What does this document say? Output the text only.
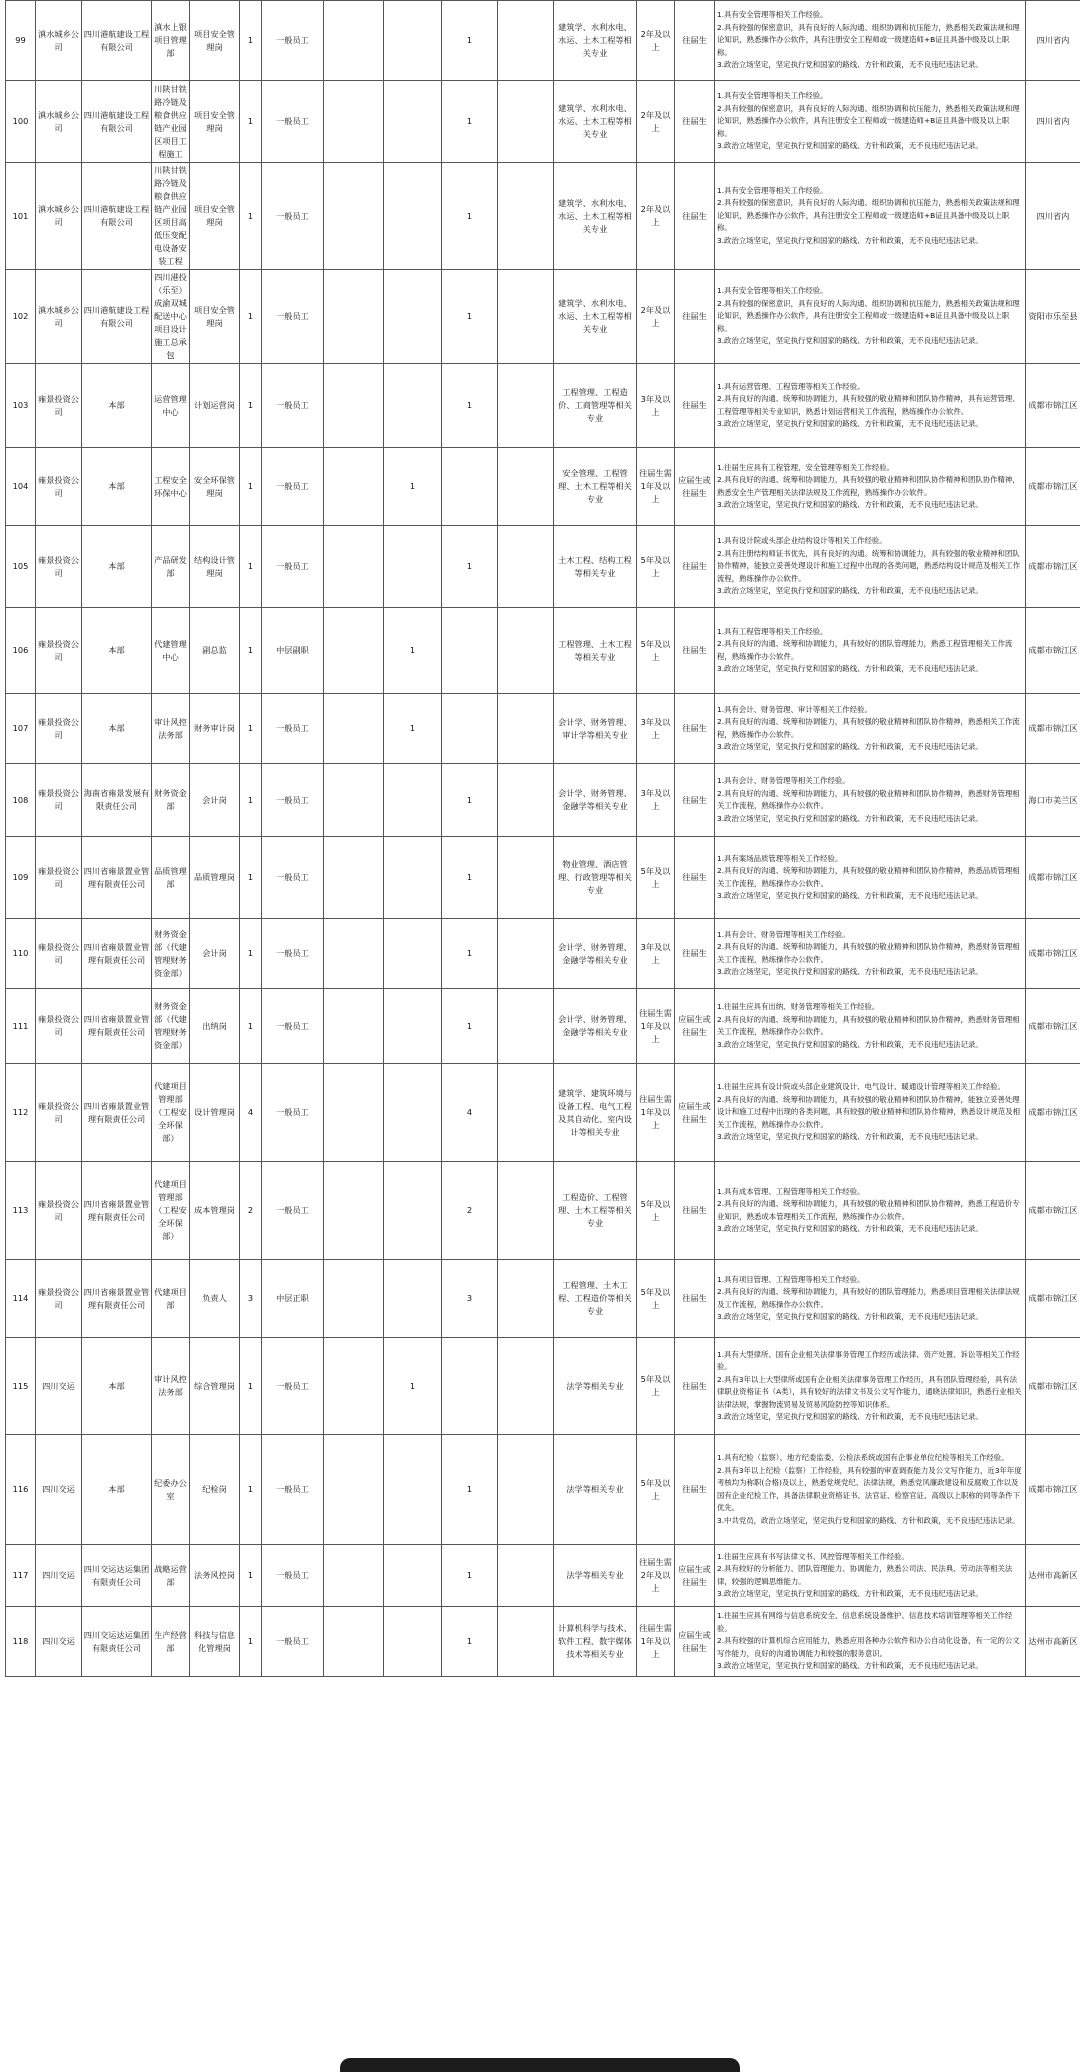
99	滇水城乡公司	四川港航建设工程有限公司	滇水上银项目管理部	项目安全管理岗	1	一般员工			1		建筑学、水利水电、水运、土木工程等相关专业	2年及以上	往届生	1.具有安全管理等相关工作经验。
2.具有较强的保密意识，具有良好的人际沟通、组织协调和抗压能力，熟悉相关政策法规和理论知识，熟悉操作办公软件，具有注册安全工程师或一级建造师+B证且具备中级及以上职称。
3.政治立场坚定，坚定执行党和国家的路线、方针和政策，无不良违纪违法记录。	四川省内	
100	滇水城乡公司	四川港航建设工程有限公司	川陕甘铁路冷链及粮食供应链产业园区项目工程施工	项目安全管理岗	1	一般员工			1		建筑学、水利水电、水运、土木工程等相关专业	2年及以上	往届生	1.具有安全管理等相关工作经验。
2.具有较强的保密意识，具有良好的人际沟通、组织协调和抗压能力，熟悉相关政策法规和理论知识，熟悉操作办公软件，具有注册安全工程师或一级建造师+B证且具备中级及以上职称。
3.政治立场坚定，坚定执行党和国家的路线、方针和政策，无不良违纪违法记录。	四川省内	
101	滇水城乡公司	四川港航建设工程有限公司	川陕甘铁路冷链及粮食供应链产业园区项目高低压变配电设备安装工程	项目安全管理岗	1	一般员工			1		建筑学、水利水电、水运、土木工程等相关专业	2年及以上	往届生	1.具有安全管理等相关工作经验。
2.具有较强的保密意识，具有良好的人际沟通、组织协调和抗压能力，熟悉相关政策法规和理论知识，熟悉操作办公软件，具有注册安全工程师或一级建造师+B证且具备中级及以上职称。
3.政治立场坚定，坚定执行党和国家的路线、方针和政策，无不良违纪违法记录。	四川省内	
102	滇水城乡公司	四川港航建设工程有限公司	四川港投（乐至）成渝双城配送中心项目设计施工总承包	项目安全管理岗	1	一般员工			1		建筑学、水利水电、水运、土木工程等相关专业	2年及以上	往届生	1.具有安全管理等相关工作经验。
2.具有较强的保密意识，具有良好的人际沟通、组织协调和抗压能力，熟悉相关政策法规和理论知识，熟悉操作办公软件，具有注册安全工程师或一级建造师+B证且具备中级及以上职称。
3.政治立场坚定，坚定执行党和国家的路线、方针和政策，无不良违纪违法记录。	资阳市乐至县	
103	雍景投资公司	本部	运营管理中心	计划运营岗	1	一般员工			1		工程管理、工程造价、工商管理等相关专业	3年及以上	往届生	1.具有运营管理、工程管理等相关工作经验。
2.具有良好的沟通、统筹和协调能力，具有较强的敬业精神和团队协作精神，具有运营管理、工程管理等相关专业知识，熟悉计划运营相关工作流程，熟练操作办公软件。
3.政治立场坚定，坚定执行党和国家的路线、方针和政策，无不良违纪违法记录。	成都市锦江区	
104	雍景投资公司	本部	工程安全环保中心	安全环保管理岗	1	一般员工		1			安全管理、工程管理、土木工程等相关专业	往届生需1年及以上	应届生或往届生	1.往届生应具有工程管理、安全管理等相关工作经验。
2.具有良好的沟通、统筹和协调能力，具有较强的敬业精神和团队协作精神和团队协作精神，熟悉安全生产管理相关法律法规及工作流程，熟练操作办公软件。
3.政治立场坚定，坚定执行党和国家的路线、方针和政策，无不良违纪违法记录。	成都市锦江区	
105	雍景投资公司	本部	产品研发部	结构设计管理岗	1	一般员工			1		土木工程、结构工程等相关专业	5年及以上	往届生	1.具有设计院或头部企业结构设计等相关工作经验。
2.具有注册结构师证书优先，具有良好的沟通、统筹和协调能力，具有较强的敬业精神和团队协作精神，能独立妥善处理设计和施工过程中出现的各类问题，熟悉结构设计规范及相关工作流程，熟练操作办公软件。
3.政治立场坚定，坚定执行党和国家的路线、方针和政策，无不良违纪违法记录。	成都市锦江区	
106	雍景投资公司	本部	代建管理中心	副总监	1	中层副职		1			工程管理、土木工程等相关专业	5年及以上	往届生	1.具有工程管理等相关工作经验。
2.具有良好的沟通、统筹和协调能力，具有较好的团队管理能力，熟悉工程管理相关工作流程，熟练操作办公软件。
3.政治立场坚定，坚定执行党和国家的路线、方针和政策，无不良违纪违法记录。	成都市锦江区	
107	雍景投资公司	本部	审计风控法务部	财务审计岗	1	一般员工		1			会计学、财务管理、审计学等相关专业	3年及以上	往届生	1.具有会计、财务管理、审计等相关工作经验。
2.具有良好的沟通、统筹和协调能力，具有较强的敬业精神和团队协作精神，熟悉相关工作流程，熟练操作办公软件。
3.政治立场坚定，坚定执行党和国家的路线、方针和政策，无不良违纪违法记录。	成都市锦江区	
108	雍景投资公司	海南省雍景发展有限责任公司	财务资金部	会计岗	1	一般员工			1		会计学、财务管理、金融学等相关专业	3年及以上	往届生	1.具有会计、财务管理等相关工作经验。
2.具有良好的沟通、统筹和协调能力，具有较强的敬业精神和团队协作精神，熟悉财务管理相关工作流程，熟练操作办公软件。
3.政治立场坚定，坚定执行党和国家的路线、方针和政策，无不良违纪违法记录。	海口市美兰区	
109	雍景投资公司	四川省雍景置业管理有限责任公司	品质管理部	品质管理岗	1	一般员工			1		物业管理、酒店管理、行政管理等相关专业	5年及以上	往届生	1.具有案场品质管理等相关工作经验。
2.具有良好的沟通、统筹和协调能力，具有较强的敬业精神和团队协作精神，熟悉品质管理相关工作流程，熟练操作办公软件。
3.政治立场坚定，坚定执行党和国家的路线、方针和政策，无不良违纪违法记录。	成都市锦江区	
110	雍景投资公司	四川省雍景置业管理有限责任公司	财务资金部（代建管理财务资金部）	会计岗	1	一般员工			1		会计学、财务管理、金融学等相关专业	3年及以上	往届生	1.具有会计、财务管理等相关工作经验。
2.具有良好的沟通、统筹和协调能力，具有较强的敬业精神和团队协作精神，熟悉财务管理相关工作流程，熟练操作办公软件。
3.政治立场坚定，坚定执行党和国家的路线、方针和政策，无不良违纪违法记录。	成都市锦江区	
111	雍景投资公司	四川省雍景置业管理有限责任公司	财务资金部（代建管理财务资金部）	出纳岗	1	一般员工			1		会计学、财务管理、金融学等相关专业	往届生需1年及以上	应届生或往届生	1.往届生应具有出纳、财务管理等相关工作经验。
2.具有良好的沟通、统筹和协调能力，具有较强的敬业精神和团队协作精神，熟悉财务管理相关工作流程，熟练操作办公软件。
3.政治立场坚定，坚定执行党和国家的路线、方针和政策，无不良违纪违法记录。	成都市锦江区	
112	雍景投资公司	四川省雍景置业管理有限责任公司	代建项目管理部（工程安全环保部）	设计管理岗	4	一般员工			4		建筑学、建筑环境与设备工程、电气工程及其自动化、室内设计等相关专业	往届生需1年及以上	应届生或往届生	1.往届生应具有设计院或头部企业建筑设计、电气设计、暖通设计管理等相关工作经验。
2.具有良好的沟通、统筹和协调能力，具有较强的敬业精神和团队协作精神，能独立妥善处理设计和施工过程中出现的各类问题，具有较强的敬业精神和团队协作精神，熟悉设计规范及相关工作流程，熟练操作办公软件。
3.政治立场坚定，坚定执行党和国家的路线、方针和政策，无不良违纪违法记录。	成都市锦江区	
113	雍景投资公司	四川省雍景置业管理有限责任公司	代建项目管理部（工程安全环保部）	成本管理岗	2	一般员工			2		工程造价、工程管理、土木工程等相关专业	5年及以上	往届生	1.具有成本管理、工程管理等相关工作经验。
2.具有良好的沟通、统筹和协调能力，具有较强的敬业精神和团队协作精神，熟悉工程造价专业知识，熟悉成本管理相关工作流程，熟练操作办公软件。
3.政治立场坚定，坚定执行党和国家的路线、方针和政策，无不良违纪违法记录。	成都市锦江区	
114	雍景投资公司	四川省雍景置业管理有限责任公司	代建项目部	负责人	3	中层正职			3		工程管理、土木工程、工程造价等相关专业	5年及以上	往届生	1.具有项目管理、工程管理等相关工作经验。
2.具有良好的沟通、统筹和协调能力，具有较好的团队管理能力，熟悉项目管理相关法律法规及工作流程，熟练操作办公软件。
3.政治立场坚定，坚定执行党和国家的路线、方针和政策，无不良违纪违法记录。	成都市锦江区	
115	四川交运	本部	审计风控法务部	综合管理岗	1	一般员工		1			法学等相关专业	5年及以上	往届生	1.具有大型律所、国有企业相关法律事务管理工作经历或法律、资产处置、诉讼等相关工作经验。
2.具有3年以上大型律所或国有企业相关法律事务管理工作经历，具有团队管理经验，具有法律职业资格证书（A类），具有较好的法律文书及公文写作能力，通晓法律知识，熟悉行业相关法律法规，掌握物流贸易及贸易风险防控等知识体系。
3.政治立场坚定，坚定执行党和国家的路线、方针和政策，无不良违纪违法记录。	成都市锦江区	
116	四川交运	本部	纪委办公室	纪检岗	1	一般员工			1		法学等相关专业	5年及以上	往届生	1.具有纪检（监察）、地方纪委监委、公检法系统或国有企事业单位纪检等相关工作经验。
2.具有3年以上纪检（监察）工作经验，具有较强的审查调查能力及公文写作能力，近3年年度考核均为称职(合格)及以上，熟悉党规党纪、法律法规，熟悉党风廉政建设和反腐败工作以及国有企业纪检工作，具备法律职业资格证书、法官证、检察官证、高级以上职称的同等条件下优先。
3.中共党员，政治立场坚定，坚定执行党和国家的路线、方针和政策，无不良违纪违法记录。	成都市锦江区	
117	四川交运	四川交运达运集团有限责任公司	战略运营部	法务风控岗	1	一般员工			1		法学等相关专业	往届生需2年及以上	应届生或往届生	1.往届生应具有书写法律文书、风控管理等相关工作经验。
2.具有较好的分析能力、团队管理能力、协调能力，熟悉公司法、民法典、劳动法等相关法律，较强的逻辑思维能力。
3.政治立场坚定，坚定执行党和国家的路线、方针和政策，无不良违纪违法记录。	达州市高新区	
118	四川交运	四川交运达运集团有限责任公司	生产经营部	科技与信息化管理岗	1	一般员工			1		计算机科学与技术、软件工程、数字媒体技术等相关专业	往届生需1年及以上	应届生或往届生	1.往届生应具有网络与信息系统安全、信息系统设备维护、信息技术培训管理等相关工作经验。
2.具有较强的计算机综合应用能力，熟悉应用各种办公软件和办公自动化设备，有一定的公文写作能力，良好的沟通协调能力和较强的服务意识。
3.政治立场坚定，坚定执行党和国家的路线、方针和政策，无不良违纪违法记录。	达州市高新区	
